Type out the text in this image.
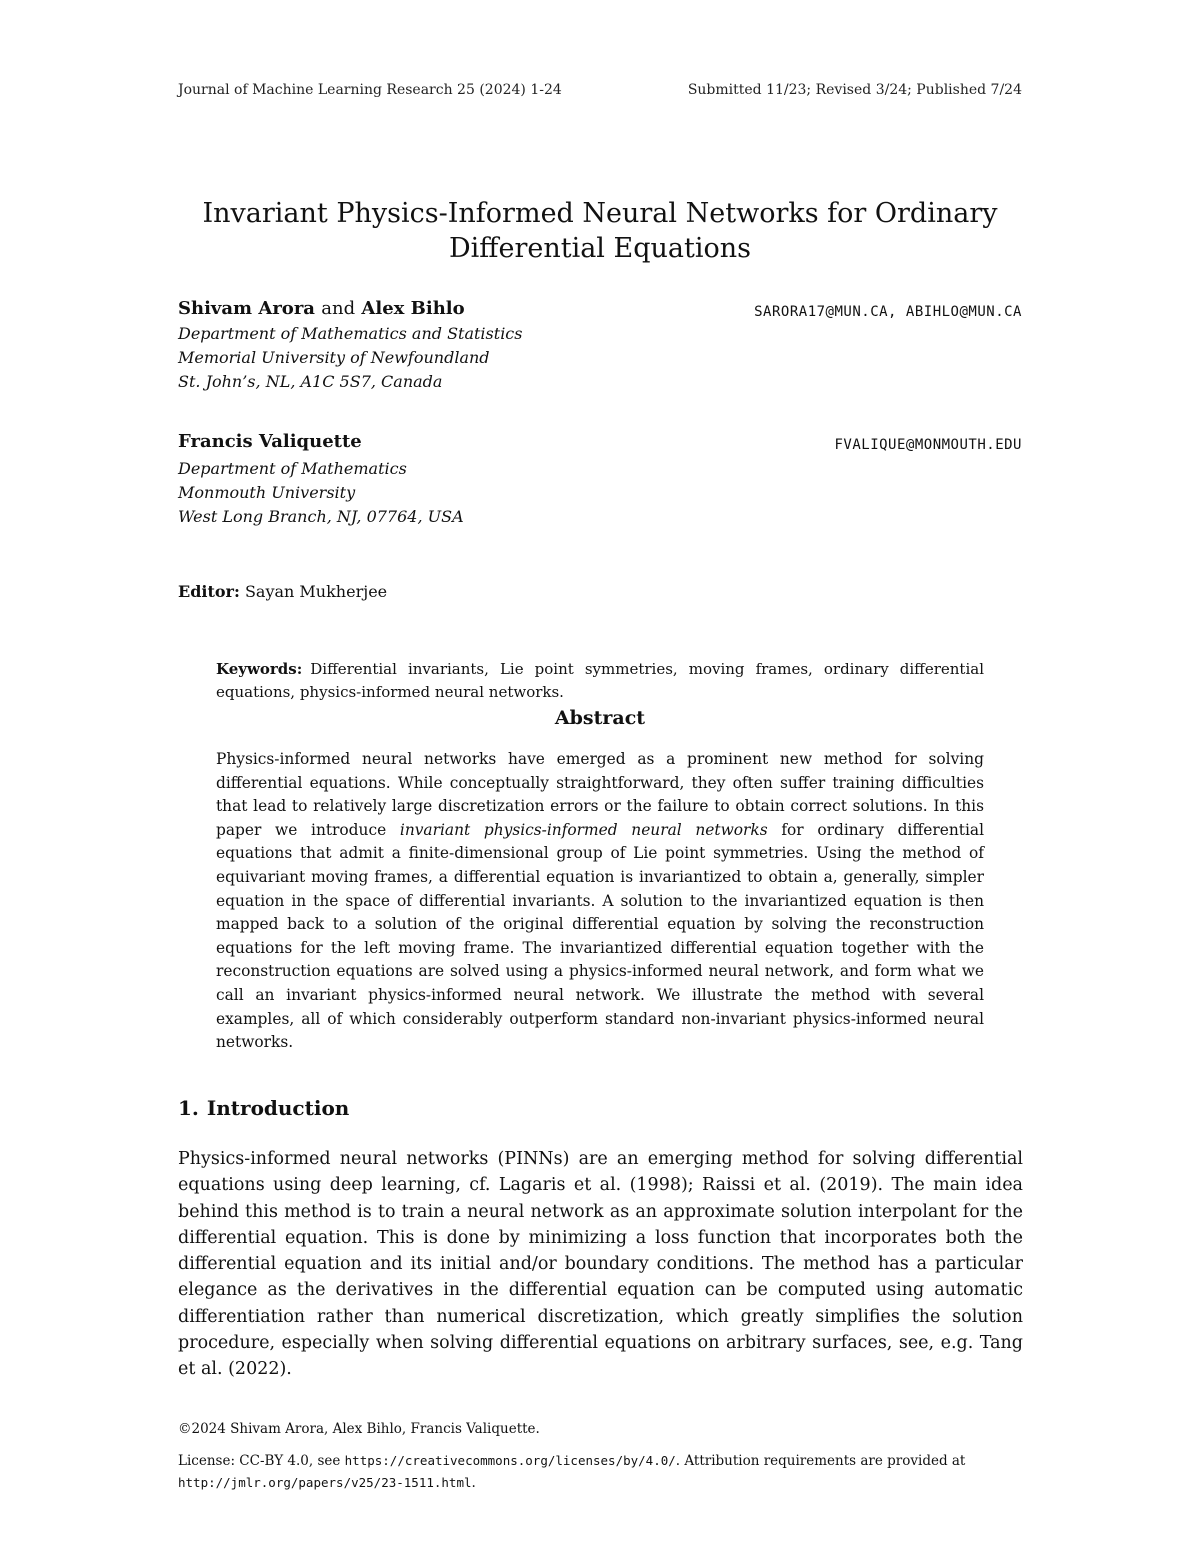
Journal of Machine Learning Research 25 (2024) 1-24	Submitted 11/23; Revised 3/24; Published 7/24
Invariant Physics-Informed Neural Networks for Ordinary Differential Equations
Shivam Arora and Alex Bihlo	SARORA17@MUN.CA, ABIHLO@MUN.CA
Department of Mathematics and Statistics
Memorial University of Newfoundland
St. John’s, NL, A1C 5S7, Canada
Francis Valiquette	FVALIQUE@MONMOUTH.EDU
Department of Mathematics
Monmouth University
West Long Branch, NJ, 07764, USA
Editor: Sayan Mukherjee
Keywords: Differential invariants, Lie point symmetries, moving frames, ordinary differential equations, physics-informed neural networks.
Abstract
Physics-informed neural networks have emerged as a prominent new method for solving differential equations. While conceptually straightforward, they often suffer training difficulties that lead to relatively large discretization errors or the failure to obtain correct solutions. In this paper we introduce invariant physics-informed neural networks for ordinary differential equations that admit a finite-dimensional group of Lie point symmetries. Using the method of equivariant moving frames, a differential equation is invariantized to obtain a, generally, simpler equation in the space of differential invariants. A solution to the invariantized equation is then mapped back to a solution of the original differential equation by solving the reconstruction equations for the left moving frame. The invariantized differential equation together with the reconstruction equations are solved using a physics-informed neural network, and form what we call an invariant physics-informed neural network. We illustrate the method with several examples, all of which considerably outperform standard non-invariant physics-informed neural networks.
1. Introduction
Physics-informed neural networks (PINNs) are an emerging method for solving differential equations using deep learning, cf. Lagaris et al. (1998); Raissi et al. (2019). The main idea behind this method is to train a neural network as an approximate solution interpolant for the differential equation. This is done by minimizing a loss function that incorporates both the differential equation and its initial and/or boundary conditions. The method has a particular elegance as the derivatives in the differential equation can be computed using automatic differentiation rather than numerical discretization, which greatly simplifies the solution procedure, especially when solving differential equations on arbitrary surfaces, see, e.g. Tang et al. (2022).
©2024 Shivam Arora, Alex Bihlo, Francis Valiquette.
License: CC-BY 4.0, see https://creativecommons.org/licenses/by/4.0/. Attribution requirements are provided at http://jmlr.org/papers/v25/23-1511.html.
